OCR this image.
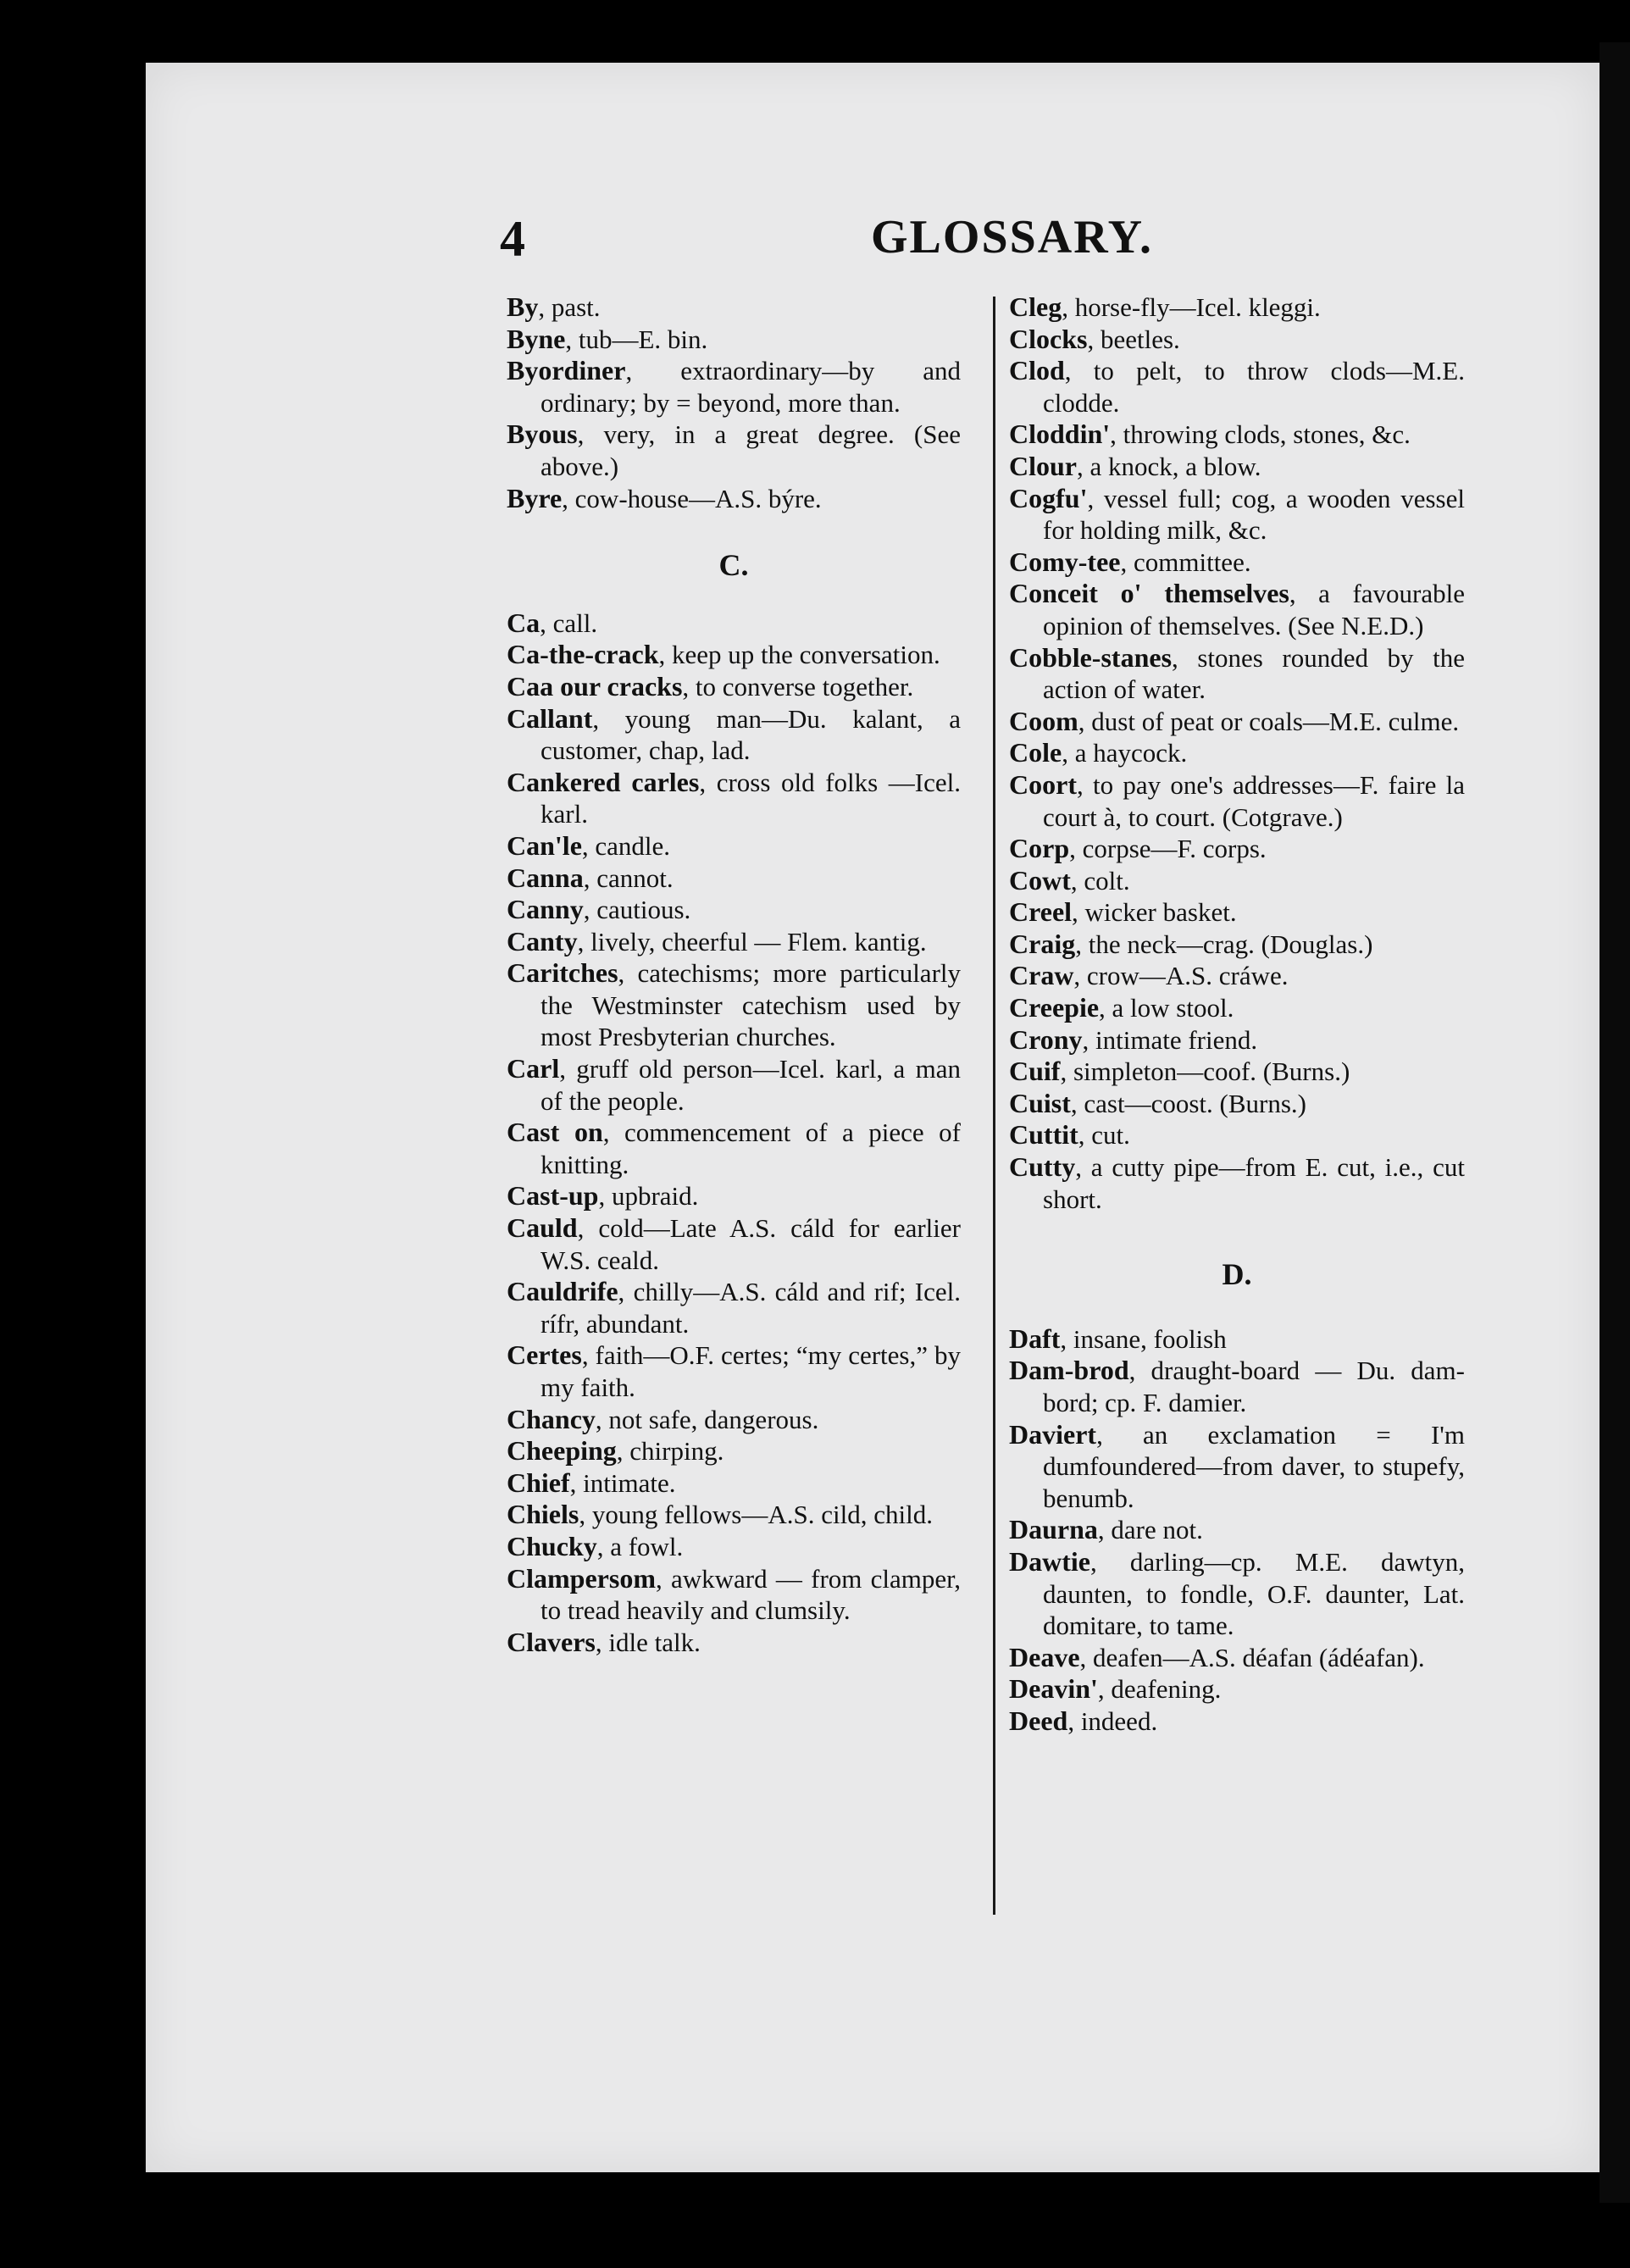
4	GLOSSARY.
By, past.
Byne, tub—E. bin.
Byordiner, extraordinary—by and ordinary; by = beyond, more than.
Byous, very, in a great degree. (See above.)
Byre, cow-house—A.S. býre.
C.
Ca, call.
Ca-the-crack, keep up the conversation.
Caa our cracks, to converse together.
Callant, young man—Du. kalant, a customer, chap, lad.
Cankered carles, cross old folks —Icel. karl.
Can'le, candle.
Canna, cannot.
Canny, cautious.
Canty, lively, cheerful — Flem. kantig.
Caritches, catechisms; more particularly the Westminster catechism used by most Presbyterian churches.
Carl, gruff old person—Icel. karl, a man of the people.
Cast on, commencement of a piece of knitting.
Cast-up, upbraid.
Cauld, cold—Late A.S. cáld for earlier W.S. ceald.
Cauldrife, chilly—A.S. cáld and rif; Icel. rífr, abundant.
Certes, faith—O.F. certes; “my certes,” by my faith.
Chancy, not safe, dangerous.
Cheeping, chirping.
Chief, intimate.
Chiels, young fellows—A.S. cild, child.
Chucky, a fowl.
Clampersom, awkward — from clamper, to tread heavily and clumsily.
Clavers, idle talk.
Cleg, horse-fly—Icel. kleggi.
Clocks, beetles.
Clod, to pelt, to throw clods—M.E. clodde.
Cloddin', throwing clods, stones, &c.
Clour, a knock, a blow.
Cogfu', vessel full; cog, a wooden vessel for holding milk, &c.
Comy-tee, committee.
Conceit o' themselves, a favourable opinion of themselves. (See N.E.D.)
Cobble-stanes, stones rounded by the action of water.
Coom, dust of peat or coals—M.E. culme.
Cole, a haycock.
Coort, to pay one's addresses—F. faire la court à, to court. (Cotgrave.)
Corp, corpse—F. corps.
Cowt, colt.
Creel, wicker basket.
Craig, the neck—crag. (Douglas.)
Craw, crow—A.S. cráwe.
Creepie, a low stool.
Crony, intimate friend.
Cuif, simpleton—coof. (Burns.)
Cuist, cast—coost. (Burns.)
Cuttit, cut.
Cutty, a cutty pipe—from E. cut, i.e., cut short.
D.
Daft, insane, foolish
Dam-brod, draught-board — Du. dam-bord; cp. F. damier.
Daviert, an exclamation = I'm dumfoundered—from daver, to stupefy, benumb.
Daurna, dare not.
Dawtie, darling—cp. M.E. dawtyn, daunten, to fondle, O.F. daunter, Lat. domitare, to tame.
Deave, deafen—A.S. déafan (ádéafan).
Deavin', deafening.
Deed, indeed.
